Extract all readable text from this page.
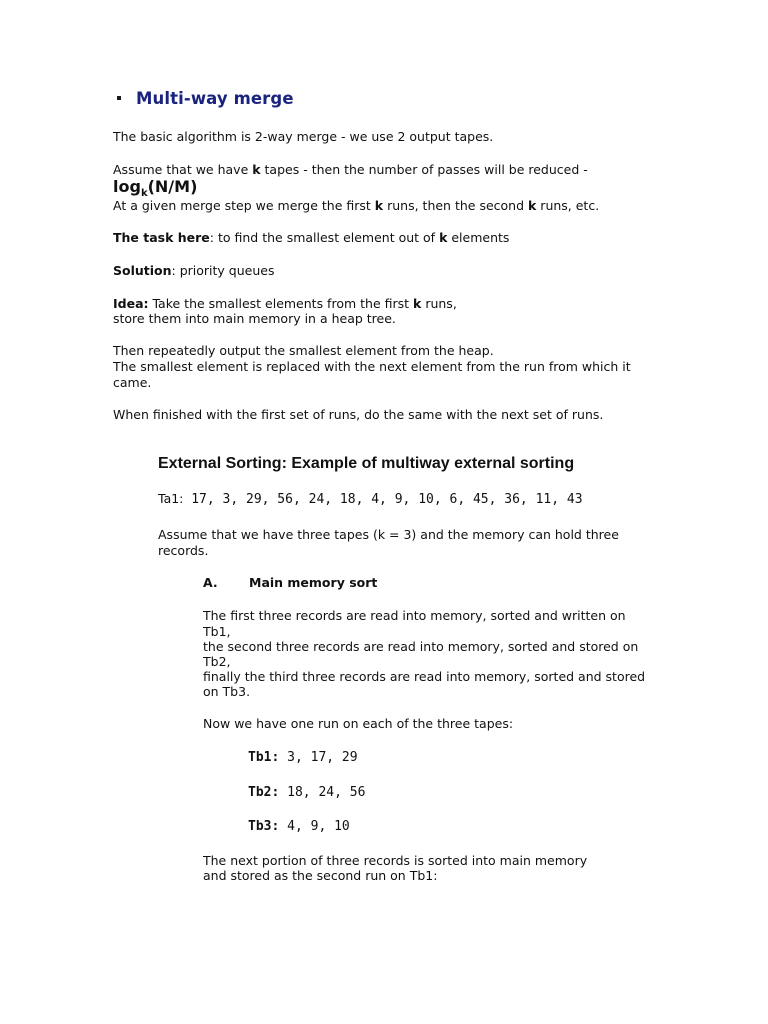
Multi-way merge

The basic algorithm is 2-way merge - we use 2 output tapes.

Assume that we have k tapes - then the number of passes will be reduced -

$\log_k(N/M)$

At a given merge step we merge the first k runs, then the second k runs, etc.

The task here: to find the smallest element out of k elements

Solution: priority queues

Idea: Take the smallest elements from the first k runs,

store them into main memory in a heap tree.

Then repeatedly output the smallest element from the heap.

The smallest element is replaced with the next element from the run from which it

came.

When finished with the first set of runs, do the same with the next set of runs.

External Sorting: Example of multiway external sorting
Ta1: 17, 3, 29, 56, 24, 18, 4, 9, 10, 6, 45, 36, 11, 43

Assume that we have three tapes (k = 3) and the memory can hold three

records.

A.	Main memory sort

The first three records are read into memory, sorted and written on

Tb1,

the second three records are read into memory, sorted and stored on

Tb2,

finally the third three records are read into memory, sorted and stored

on Tb3.

Now we have one run on each of the three tapes:

Tb1: 3, 17, 29
Tb2: 18, 24, 56
Tb3: 4, 9, 10

The next portion of three records is sorted into main memory

and stored as the second run on Tb1:
